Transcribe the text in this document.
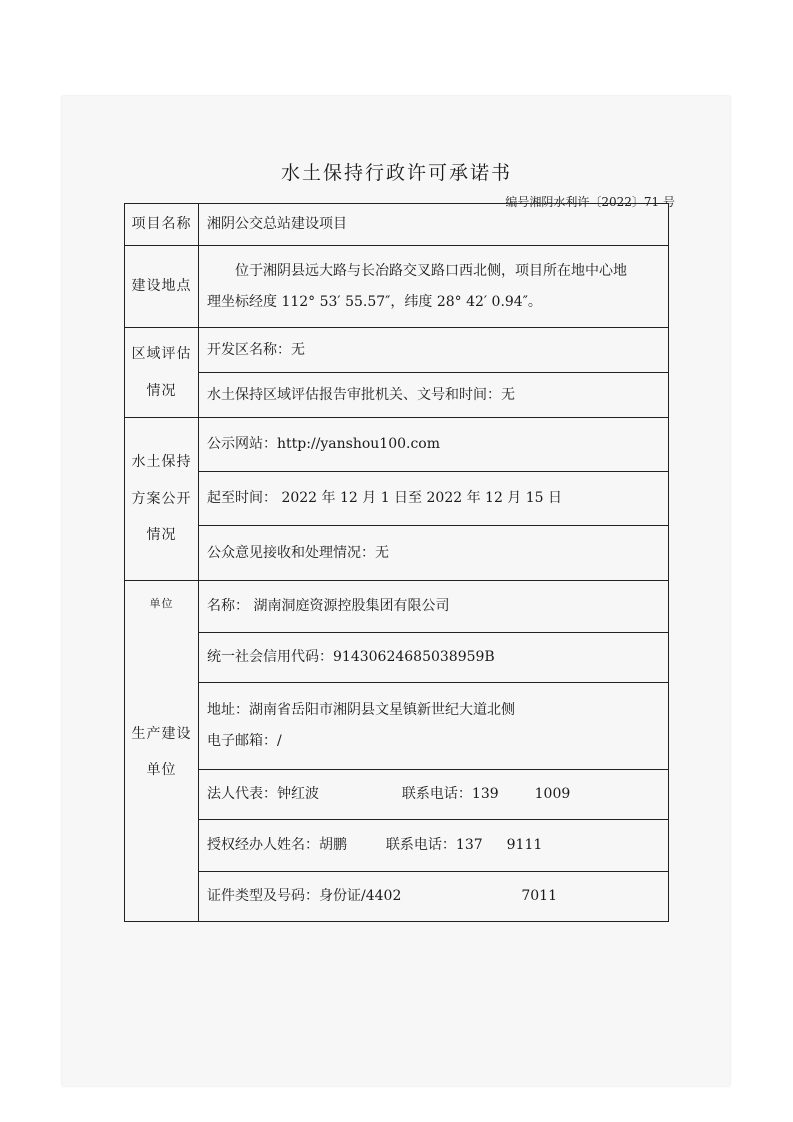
水土保持行政许可承诺书
编号湘阴水利许〔2022〕71 号
项目名称	湘阴公交总站建设项目
建设地点	位于湘阴县远大路与长冶路交叉路口西北侧，项目所在地中心地
理坐标经度 112° 53′ 55.57″，纬度 28° 42′ 0.94″。

区域评估
情况	开发区名称：无
	水土保持区域评估报告审批机关、文号和时间：无

水土保持
方案公开
情况	公示网站：http://yanshou100.com
	起至时间： 2022 年 12 月 1 日至 2022 年 12 月 15 日
	公众意见接收和处理情况：无

单位
生产建设
单位	名称： 湖南洞庭资源控股集团有限公司
	统一社会信用代码：91430624685038959B

	地址：湖南省岳阳市湘阴县文星镇新世纪大道北侧
电子邮箱：/

	法人代表：钟红波 联系电话：139 1009
	授权经办人姓名：胡鹏 联系电话：137 9111
	证件类型及号码：身份证/4402 7011
